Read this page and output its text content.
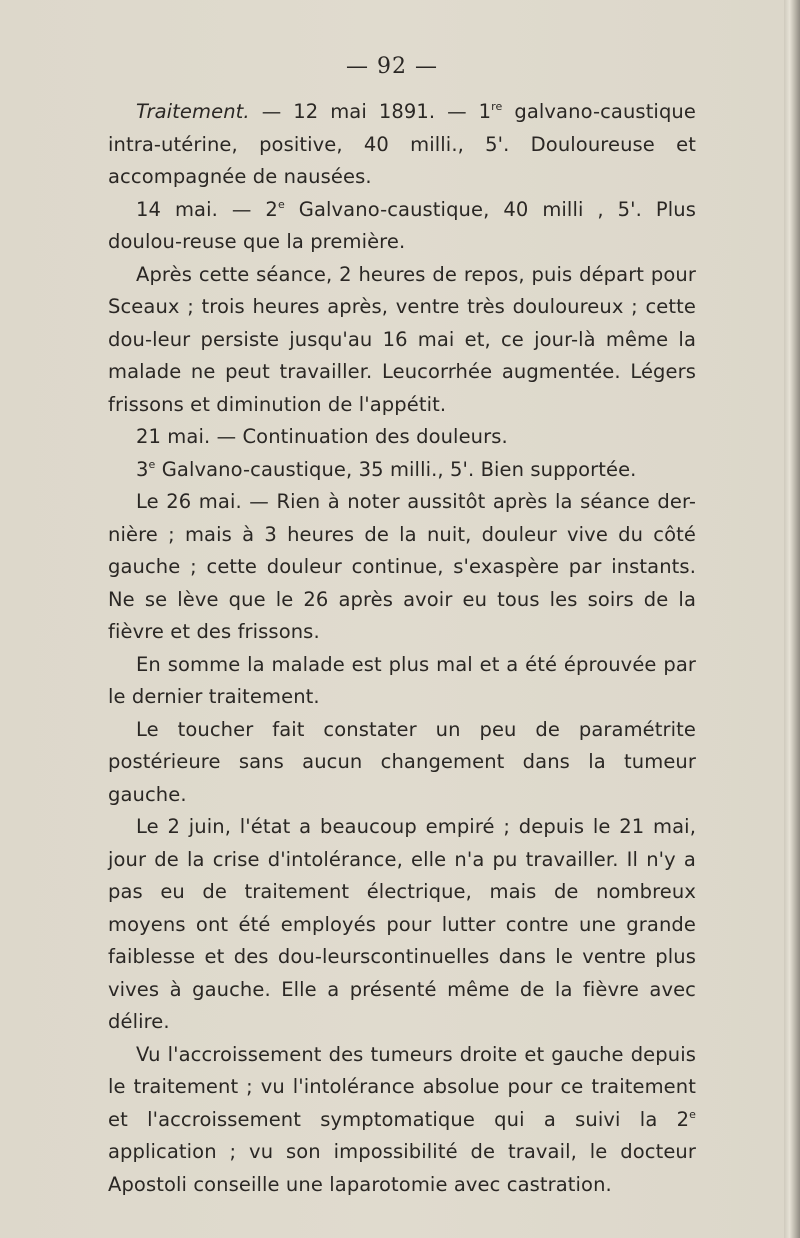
— 92 —

Traitement. — 12 mai 1891. — 1re galvano-caustique intra-utérine, positive, 40 milli., 5'. Douloureuse et accompagnée de nausées.

14 mai. — 2e Galvano-caustique, 40 milli , 5'. Plus doulou-reuse que la première.

Après cette séance, 2 heures de repos, puis départ pour Sceaux ; trois heures après, ventre très douloureux ; cette dou-leur persiste jusqu'au 16 mai et, ce jour-là même la malade ne peut travailler. Leucorrhée augmentée. Légers frissons et diminution de l'appétit.

21 mai. — Continuation des douleurs.

3e Galvano-caustique, 35 milli., 5'. Bien supportée.

Le 26 mai. — Rien à noter aussitôt après la séance der-nière ; mais à 3 heures de la nuit, douleur vive du côté gauche ; cette douleur continue, s'exaspère par instants. Ne se lève que le 26 après avoir eu tous les soirs de la fièvre et des frissons.

En somme la malade est plus mal et a été éprouvée par le dernier traitement.

Le toucher fait constater un peu de paramétrite postérieure sans aucun changement dans la tumeur gauche.

Le 2 juin, l'état a beaucoup empiré ; depuis le 21 mai, jour de la crise d'intolérance, elle n'a pu travailler. Il n'y a pas eu de traitement électrique, mais de nombreux moyens ont été employés pour lutter contre une grande faiblesse et des dou-leurscontinuelles dans le ventre plus vives à gauche. Elle a présenté même de la fièvre avec délire.

Vu l'accroissement des tumeurs droite et gauche depuis le traitement ; vu l'intolérance absolue pour ce traitement et l'accroissement symptomatique qui a suivi la 2e application ; vu son impossibilité de travail, le docteur Apostoli conseille une laparotomie avec castration.
